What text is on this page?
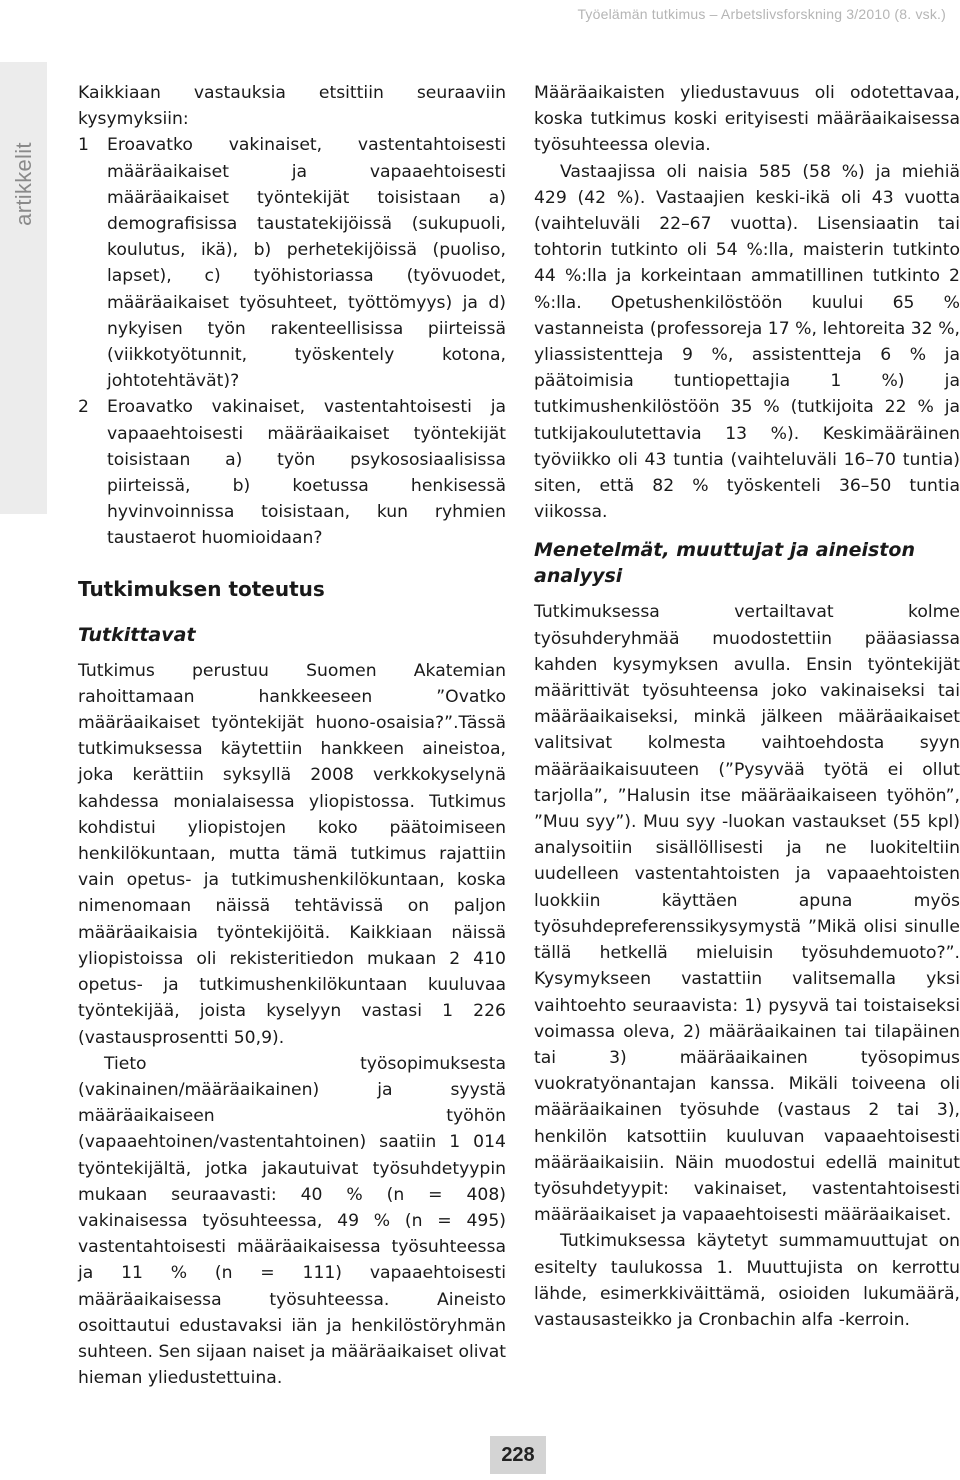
Työelämän tutkimus – Arbetslivsforskning 3/2010 (8. vsk.)
artikkelit

Kaikkiaan vastauksia etsittiin seuraaviin kysymyksiin:

1 Eroavatko vakinaiset, vastentahtoisesti määräaikaiset ja vapaaehtoisesti määräaikaiset työntekijät toisistaan a) demografisissa taustatekijöissä (sukupuoli, koulutus, ikä), b) perhetekijöissä (puoliso, lapset), c) työhistoriassa (työvuodet, määräaikaiset työsuhteet, työttömyys) ja d) nykyisen työn rakenteellisissa piirteissä (viikkotyötunnit, työskentely kotona, johtotehtävät)?
2 Eroavatko vakinaiset, vastentahtoisesti ja vapaaehtoisesti määräaikaiset työntekijät toisistaan a) työn psykososiaalisissa piirteissä, b) koetussa henkisessä hyvinvoinnissa toisistaan, kun ryhmien taustaerot huomioidaan?
Tutkimuksen toteutus
Tutkittavat

Tutkimus perustuu Suomen Akatemian rahoittamaan hankkeeseen ”Ovatko määräaikaiset työntekijät huono-osaisia?”.Tässä tutkimuksessa käytettiin hankkeen aineistoa, joka kerättiin syksyllä 2008 verkkokyselynä kahdessa monialaisessa yliopistossa. Tutkimus kohdistui yliopistojen koko päätoimiseen henkilökuntaan, mutta tämä tutkimus rajattiin vain opetus- ja tutkimushenkilökuntaan, koska nimenomaan näissä tehtävissä on paljon määräaikaisia työntekijöitä. Kaikkiaan näissä yliopistoissa oli rekisteritiedon mukaan 2 410 opetus- ja tutkimushenkilökuntaan kuuluvaa työntekijää, joista kyselyyn vastasi 1 226 (vastausprosentti 50,9).

Tieto työsopimuksesta (vakinainen/määräaikainen) ja syystä määräaikaiseen työhön (vapaaehtoinen/vastentahtoinen) saatiin 1 014 työntekijältä, jotka jakautuivat työsuhdetyypin mukaan seuraavasti: 40 % (n = 408) vakinaisessa työsuhteessa, 49 % (n = 495) vastentahtoisesti määräaikaisessa työsuhteessa ja 11 % (n = 111) vapaaehtoisesti määräaikaisessa työsuhteessa. Aineisto osoittautui edustavaksi iän ja henkilöstöryhmän suhteen. Sen sijaan naiset ja määräaikaiset olivat hieman yliedustettuina.

Määräaikaisten yliedustavuus oli odotettavaa, koska tutkimus koski erityisesti määräaikaisessa työsuhteessa olevia.

Vastaajissa oli naisia 585 (58 %) ja miehiä 429 (42 %). Vastaajien keski-ikä oli 43 vuotta (vaihteluväli 22–67 vuotta). Lisensiaatin tai tohtorin tutkinto oli 54 %:lla, maisterin tutkinto 44 %:lla ja korkeintaan ammatillinen tutkinto 2 %:lla. Opetushenkilöstöön kuului 65 % vastanneista (professoreja 17 %, lehtoreita 32 %, yliassistentteja 9 %, assistentteja 6 % ja päätoimisia tuntiopettajia 1 %) ja tutkimushenkilöstöön 35 % (tutkijoita 22 % ja tutkijakoulutettavia 13 %). Keskimääräinen työviikko oli 43 tuntia (vaihteluväli 16–70 tuntia) siten, että 82 % työskenteli 36–50 tuntia viikossa.

Menetelmät, muuttujat ja aineiston analyysi

Tutkimuksessa vertailtavat kolme työsuhderyhmää muodostettiin pääasiassa kahden kysymyksen avulla. Ensin työntekijät määrittivät työsuhteensa joko vakinaiseksi tai määräaikaiseksi, minkä jälkeen määräaikaiset valitsivat kolmesta vaihtoehdosta syyn määräaikaisuuteen (”Pysyvää työtä ei ollut tarjolla”, ”Halusin itse määräaikaiseen työhön”, ”Muu syy”). Muu syy -luokan vastaukset (55 kpl) analysoitiin sisällöllisesti ja ne luokiteltiin uudelleen vastentahtoisten ja vapaaehtoisten luokkiin käyttäen apuna myös työsuhdepreferenssikysymystä ”Mikä olisi sinulle tällä hetkellä mieluisin työsuhdemuoto?”. Kysymykseen vastattiin valitsemalla yksi vaihtoehto seuraavista: 1) pysyvä tai toistaiseksi voimassa oleva, 2) määräaikainen tai tilapäinen tai 3) määräaikainen työsopimus vuokratyönantajan kanssa. Mikäli toiveena oli määräaikainen työsuhde (vastaus 2 tai 3), henkilön katsottiin kuuluvan vapaaehtoisesti määräaikaisiin. Näin muodostui edellä mainitut työsuhdetyypit: vakinaiset, vastentahtoisesti määräaikaiset ja vapaaehtoisesti määräaikaiset.

Tutkimuksessa käytetyt summamuuttujat on esitelty taulukossa 1. Muuttujista on kerrottu lähde, esimerkkiväittämä, osioiden lukumäärä, vastausasteikko ja Cronbachin alfa -kerroin.

228
